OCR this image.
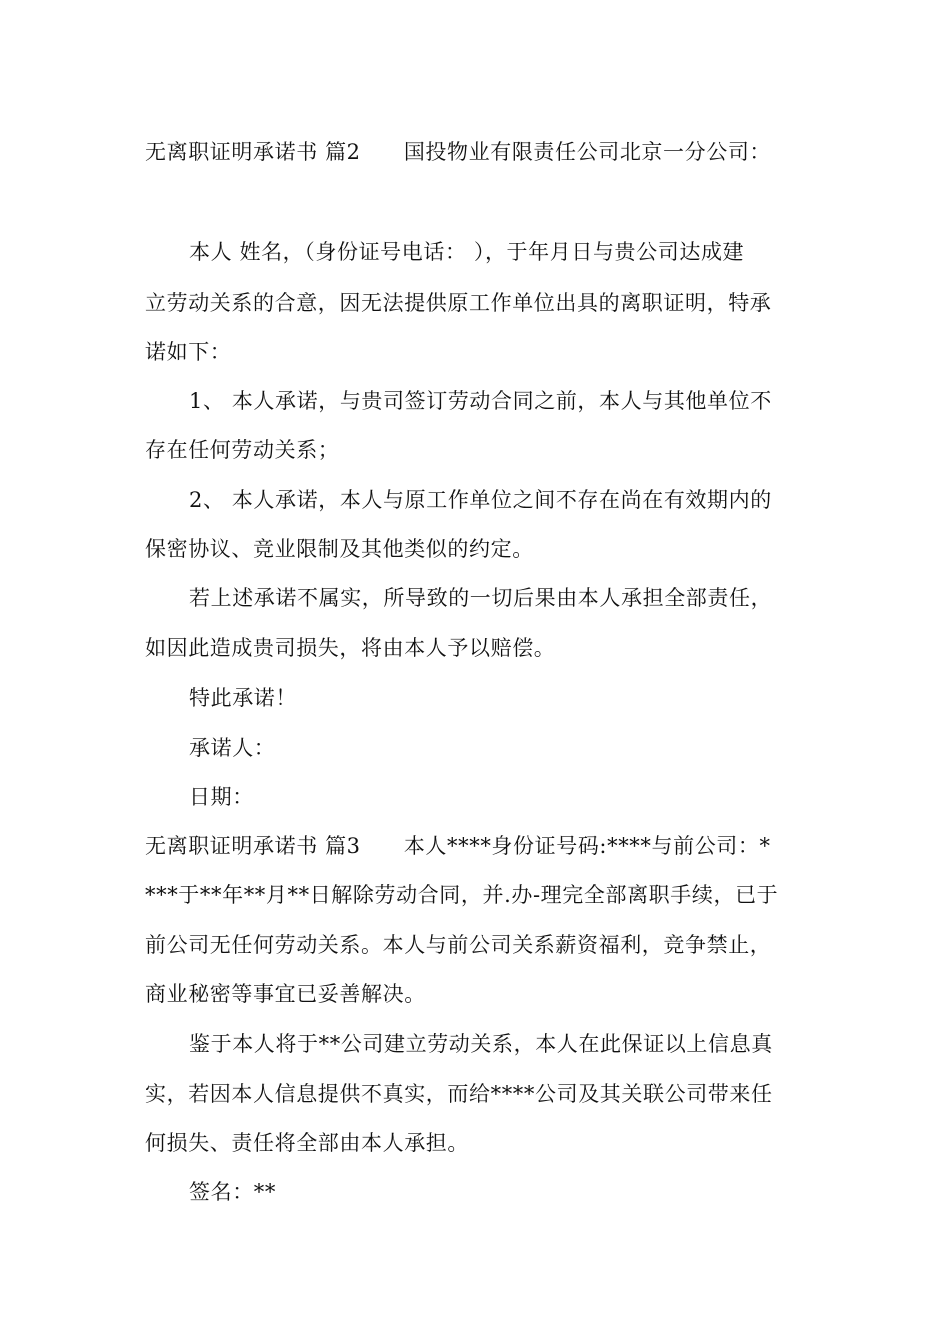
无离职证明承诺书 篇2　　国投物业有限责任公司北京一分公司：
本人 姓名，（身份证号电话： ），于年月日与贵公司达成建
立劳动关系的合意，因无法提供原工作单位出具的离职证明，特承
诺如下：
1、 本人承诺，与贵司签订劳动合同之前，本人与其他单位不
存在任何劳动关系；
2、 本人承诺，本人与原工作单位之间不存在尚在有效期内的
保密协议、竞业限制及其他类似的约定。
若上述承诺不属实，所导致的一切后果由本人承担全部责任，
如因此造成贵司损失，将由本人予以赔偿。
特此承诺！
承诺人：
日期：
无离职证明承诺书 篇3　　本人****身份证号码:****与前公司：*
***于**年**月**日解除劳动合同，并.办-理完全部离职手续，已于
前公司无任何劳动关系。本人与前公司关系薪资福利，竞争禁止，
商业秘密等事宜已妥善解决。
鉴于本人将于**公司建立劳动关系，本人在此保证以上信息真
实，若因本人信息提供不真实，而给****公司及其关联公司带来任
何损失、责任将全部由本人承担。
签名：**
